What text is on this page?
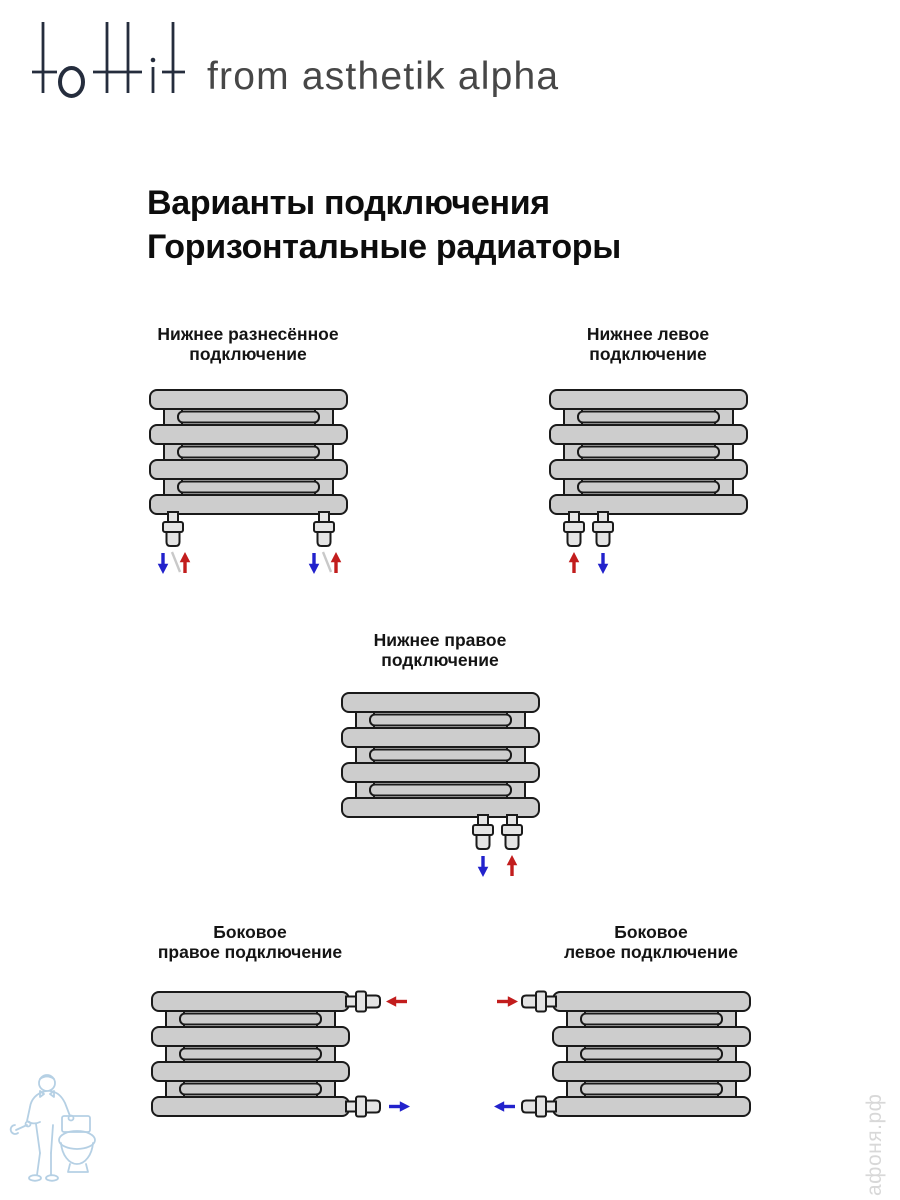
from asthetik alpha
Варианты подключения
Горизонтальные радиаторы
Нижнее разнесённое
подключение
Нижнее левое
подключение
Нижнее правое
подключение
Боковое
правое подключение
Боковое
левое подключение
афоня.рф
